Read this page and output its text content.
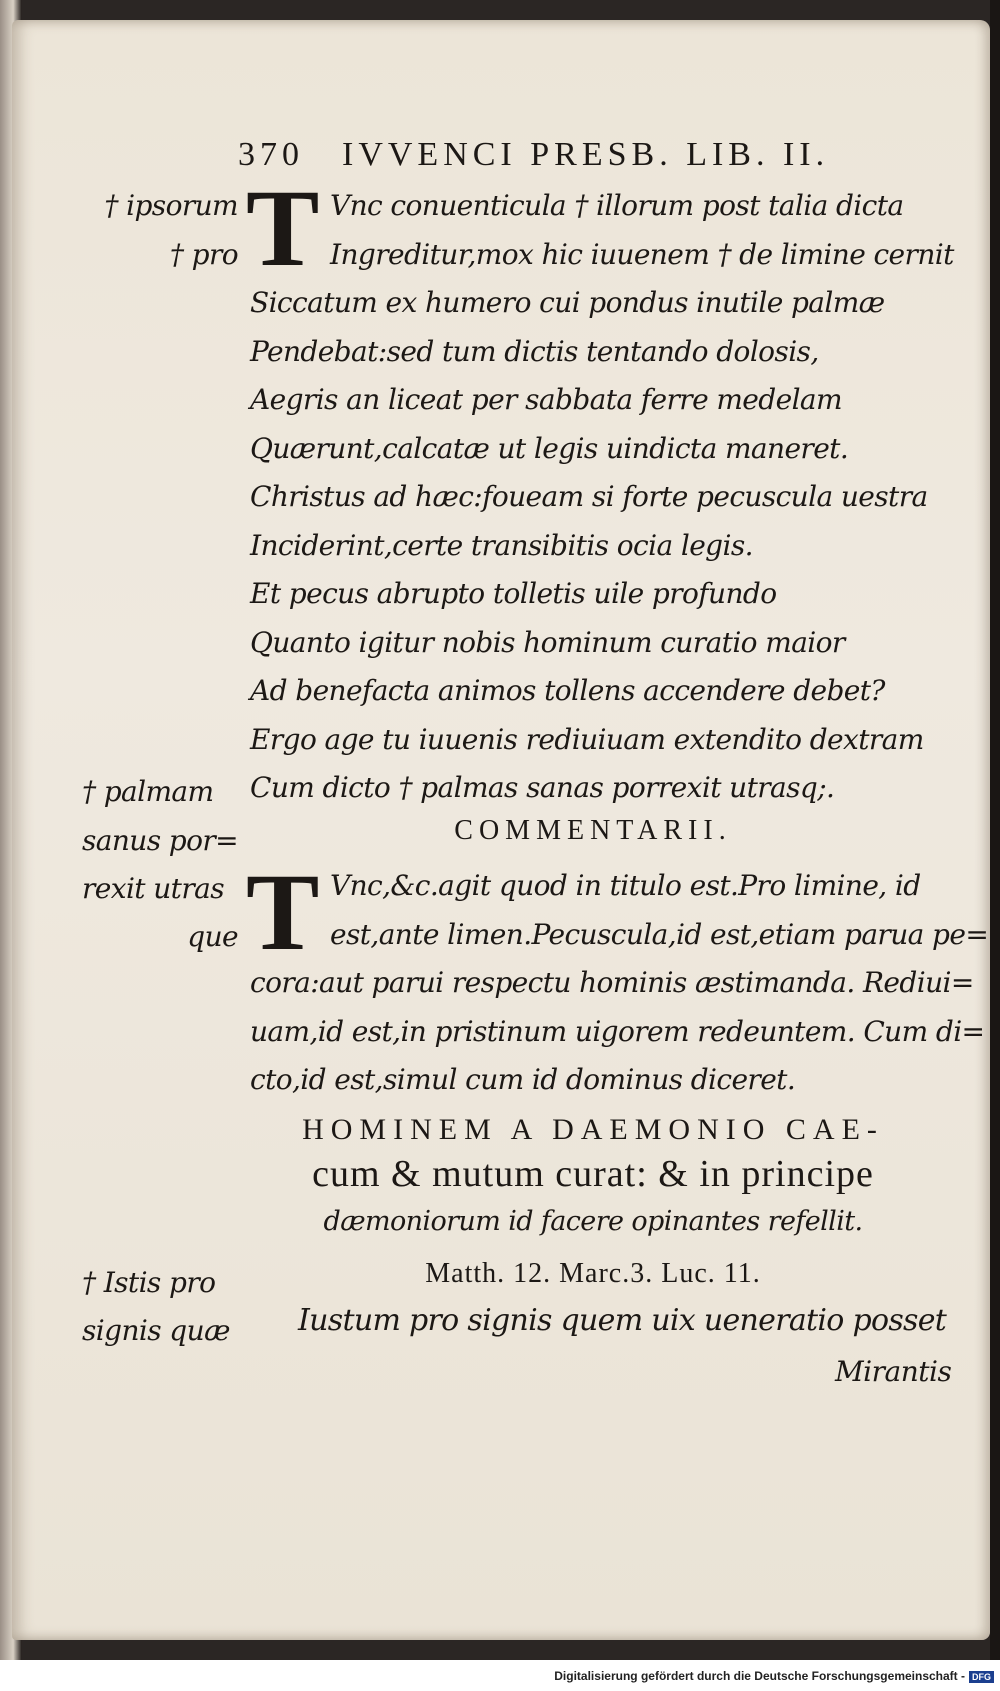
370 IVVENCI PRESB. LIB. II.
T Vnc conuenticula † illorum post talia dicta
Ingreditur,mox hic iuuenem † de limine cernit
Siccatum ex humero cui pondus inutile palmæ
Pendebat:sed tum dictis tentando dolosis,
Aegris an liceat per sabbata ferre medelam
Quærunt,calcatæ ut legis uindicta maneret.
Christus ad hæc:foueam si forte pecuscula uestra
Inciderint,certe transibitis ocia legis.
Et pecus abrupto tolletis uile profundo
Quanto igitur nobis hominum curatio maior
Ad benefacta animos tollens accendere debet?
Ergo age tu iuuenis rediuiuam extendito dextram
Cum dicto † palmas sanas porrexit utrasq;.
COMMENTARII.
T Vnc,&c.agit quod in titulo est.Pro limine, id
est,ante limen.Pecuscula,id est,etiam parua pe=
cora:aut parui respectu hominis æstimanda. Rediui=
uam,id est,in pristinum uigorem redeuntem. Cum di=
cto,id est,simul cum id dominus diceret.
HOMINEM A DAEMONIO CAE-
cum & mutum curat: & in principe
dæmoniorum id facere opinantes refellit.
Matth. 12. Marc.3. Luc. 11.
Iustum pro signis quem uix ueneratio posset
Mirantis
† ipsorum
† pro
† palmam
sanus por=
rexit utras
que
† Istis pro
signis quæ
Digitalisierung gefördert durch die Deutsche Forschungsgemeinschaft - DFG
